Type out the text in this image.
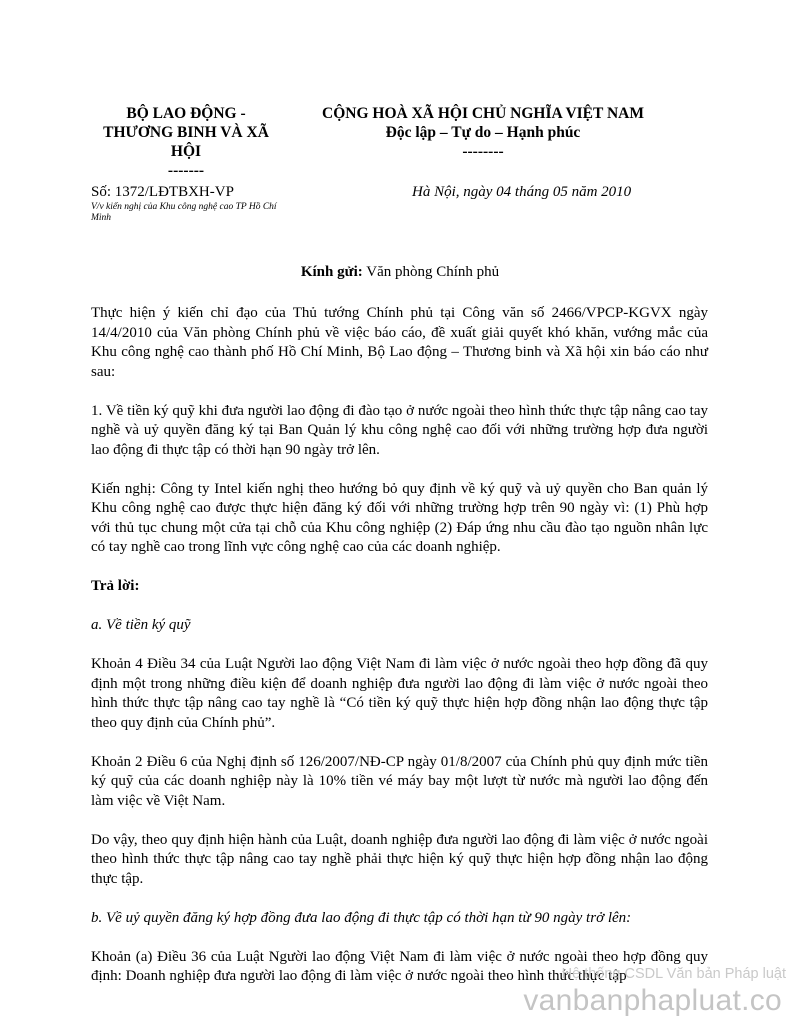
BỘ LAO ĐỘNG -
THƯƠNG BINH VÀ XÃ
HỘI
-------
CỘNG HOÀ XÃ HỘI CHỦ NGHĨA VIỆT NAM
Độc lập – Tự do – Hạnh phúc
--------
Số: 1372/LĐTBXH-VP
V/v kiến nghị của Khu công nghệ cao TP Hồ Chí Minh
Hà Nội, ngày 04 tháng 05 năm 2010
Kính gửi: Văn phòng Chính phủ

Thực hiện ý kiến chỉ đạo của Thủ tướng Chính phủ tại Công văn số 2466/VPCP-KGVX ngày 14/4/2010 của Văn phòng Chính phủ về việc báo cáo, đề xuất giải quyết khó khăn, vướng mắc của Khu công nghệ cao thành phố Hồ Chí Minh, Bộ Lao động – Thương binh và Xã hội xin báo cáo như sau:

1. Về tiền ký quỹ khi đưa người lao động đi đào tạo ở nước ngoài theo hình thức thực tập nâng cao tay nghề và uỷ quyền đăng ký tại Ban Quản lý khu công nghệ cao đối với những trường hợp đưa người lao động đi thực tập có thời hạn 90 ngày trở lên.

Kiến nghị: Công ty Intel kiến nghị theo hướng bỏ quy định về ký quỹ và uỷ quyền cho Ban quản lý Khu công nghệ cao được thực hiện đăng ký đối với những trường hợp trên 90 ngày vì: (1) Phù hợp với thủ tục chung một cửa tại chỗ của Khu công nghiệp (2) Đáp ứng nhu cầu đào tạo nguồn nhân lực có tay nghề cao trong lĩnh vực công nghệ cao của các doanh nghiệp.

Trả lời:

a. Về tiền ký quỹ

Khoản 4 Điều 34 của Luật Người lao động Việt Nam đi làm việc ở nước ngoài theo hợp đồng đã quy định một trong những điều kiện để doanh nghiệp đưa người lao động đi làm việc ở nước ngoài theo hình thức thực tập nâng cao tay nghề là “Có tiền ký quỹ thực hiện hợp đồng nhận lao động thực tập theo quy định của Chính phủ”.

Khoản 2 Điều 6 của Nghị định số 126/2007/NĐ-CP ngày 01/8/2007 của Chính phủ quy định mức tiền ký quỹ của các doanh nghiệp này là 10% tiền vé máy bay một lượt từ nước mà người lao động đến làm việc về Việt Nam.

Do vậy, theo quy định hiện hành của Luật, doanh nghiệp đưa người lao động đi làm việc ở nước ngoài theo hình thức thực tập nâng cao tay nghề phải thực hiện ký quỹ thực hiện hợp đồng nhận lao động thực tập.

b. Về uỷ quyền đăng ký hợp đồng đưa lao động đi thực tập có thời hạn từ 90 ngày trở lên:

Khoản (a) Điều 36 của Luật Người lao động Việt Nam đi làm việc ở nước ngoài theo hợp đồng quy định: Doanh nghiệp đưa người lao động đi làm việc ở nước ngoài theo hình thức thực tập

Hệ thống CSDL Văn bản Pháp luật
vanbanphapluat.co
